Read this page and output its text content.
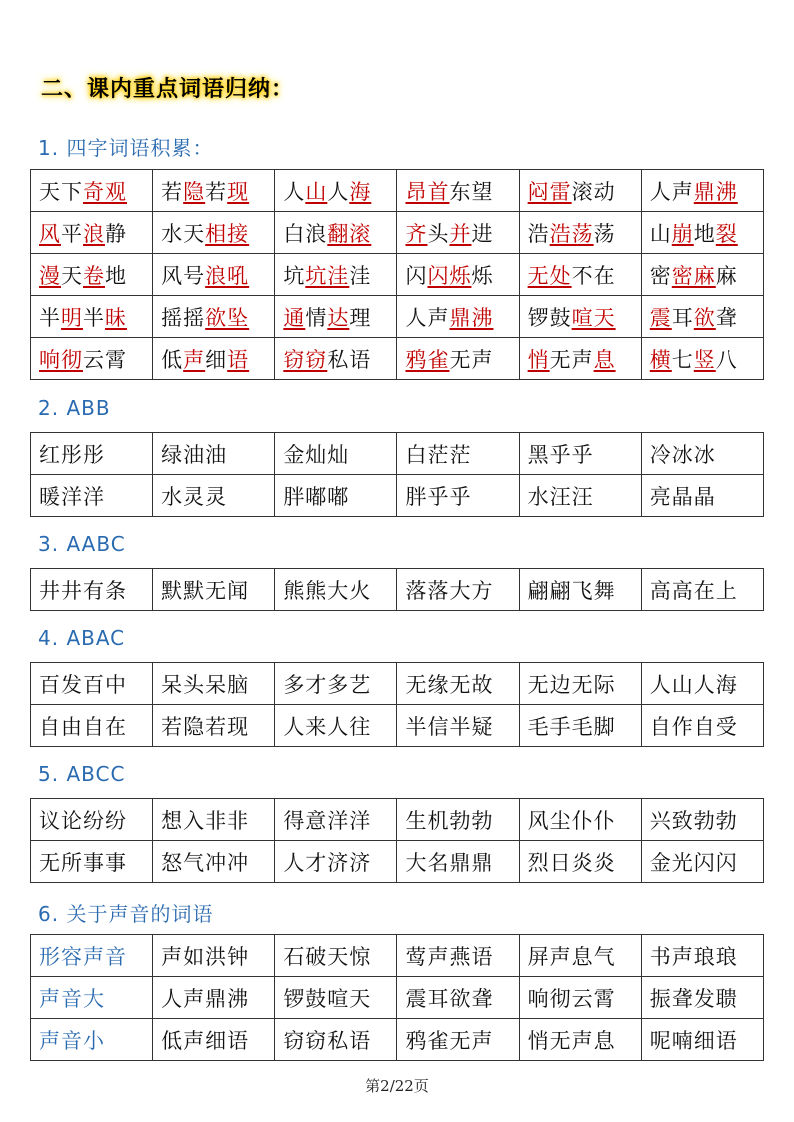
二、课内重点词语归纳：
1. 四字词语积累：
天下奇观	若隐若现	人山人海	昂首东望	闷雷滚动	人声鼎沸
风平浪静	水天相接	白浪翻滚	齐头并进	浩浩荡荡	山崩地裂
漫天卷地	风号浪吼	坑坑洼洼	闪闪烁烁	无处不在	密密麻麻
半明半昧	摇摇欲坠	通情达理	人声鼎沸	锣鼓喧天	震耳欲聋
响彻云霄	低声细语	窃窃私语	鸦雀无声	悄无声息	横七竖八
2. ABB
红彤彤	绿油油	金灿灿	白茫茫	黑乎乎	冷冰冰
暖洋洋	水灵灵	胖嘟嘟	胖乎乎	水汪汪	亮晶晶
3. AABC
井井有条	默默无闻	熊熊大火	落落大方	翩翩飞舞	高高在上
4. ABAC
百发百中	呆头呆脑	多才多艺	无缘无故	无边无际	人山人海
自由自在	若隐若现	人来人往	半信半疑	毛手毛脚	自作自受
5. ABCC
议论纷纷	想入非非	得意洋洋	生机勃勃	风尘仆仆	兴致勃勃
无所事事	怒气冲冲	人才济济	大名鼎鼎	烈日炎炎	金光闪闪
6. 关于声音的词语
形容声音	声如洪钟	石破天惊	莺声燕语	屏声息气	书声琅琅
声音大	人声鼎沸	锣鼓喧天	震耳欲聋	响彻云霄	振聋发聩
声音小	低声细语	窃窃私语	鸦雀无声	悄无声息	呢喃细语
第2/22页
